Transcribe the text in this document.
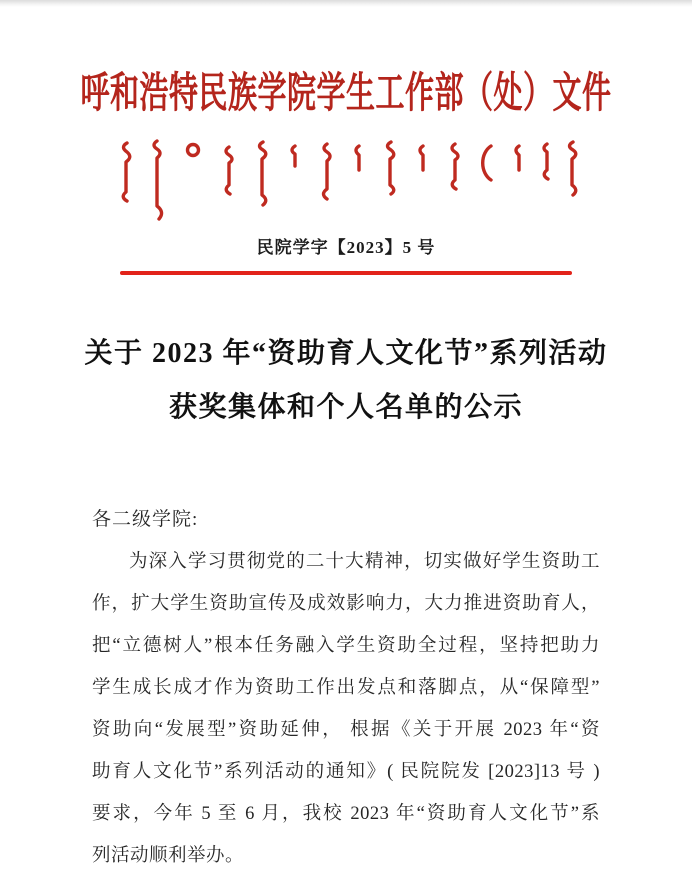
呼和浩特民族学院学生工作部（处）文件
民院学字【2023】5 号
关于 2023 年“资助育人文化节”系列活动
获奖集体和个人名单的公示
各二级学院:
为深入学习贯彻党的二十大精神，切实做好学生资助工
作，扩大学生资助宣传及成效影响力，大力推进资助育人，
把“立德树人”根本任务融入学生资助全过程，坚持把助力
学生成长成才作为资助工作出发点和落脚点，从“保障型”
资助向“发展型”资助延伸， 根据《关于开展 2023 年“资
助育人文化节”系列活动的通知》( 民院院发 [2023]13 号 )
要求，今年 5 至 6 月，我校 2023 年“资助育人文化节”系
列活动顺利举办。
